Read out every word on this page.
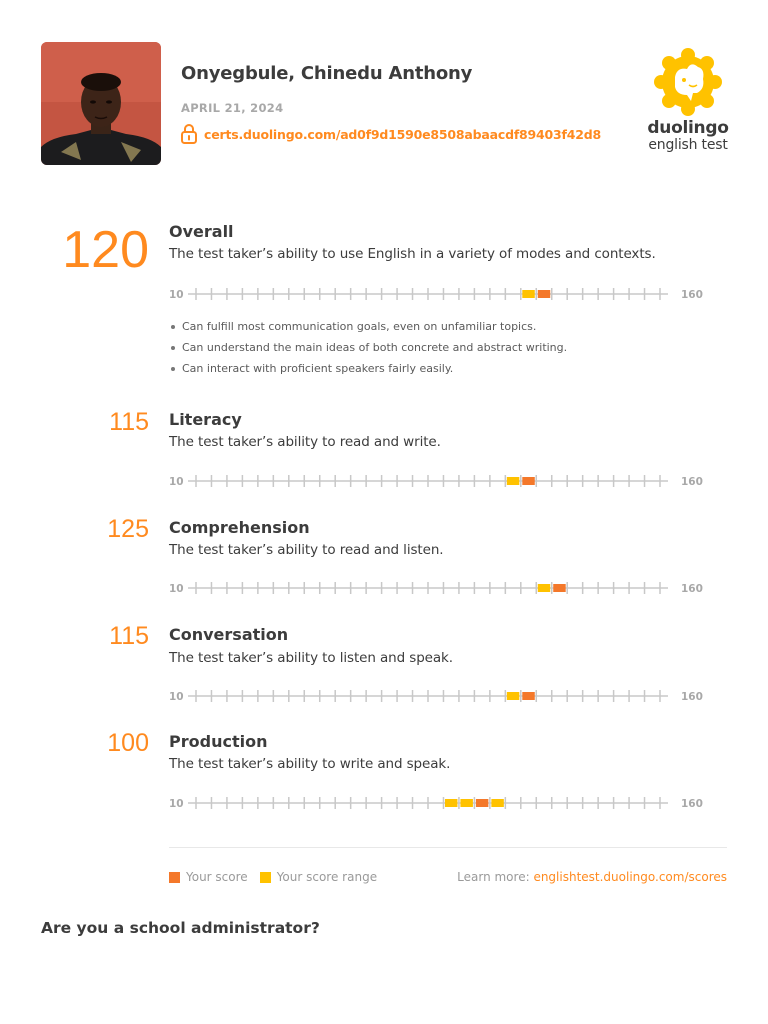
Onyegbule, Chinedu Anthony
APRIL 21, 2024
certs.duolingo.com/ad0f9d1590e8508abaacdf89403f42d8	duolingo
english test
120 Overall
The test taker’s ability to use English in a variety of modes and contexts.
10	160
Can fulfill most communication goals, even on unfamiliar topics.
Can understand the main ideas of both concrete and abstract writing.
Can interact with proficient speakers fairly easily.
115 Literacy
The test taker’s ability to read and write.
10	160
125 Comprehension
The test taker’s ability to read and listen.
10	160
115 Conversation
The test taker’s ability to listen and speak.
10	160
100 Production
The test taker’s ability to write and speak.
10	160
Your score Your score range	Learn more: englishtest.duolingo.com/scores
Are you a school administrator?
